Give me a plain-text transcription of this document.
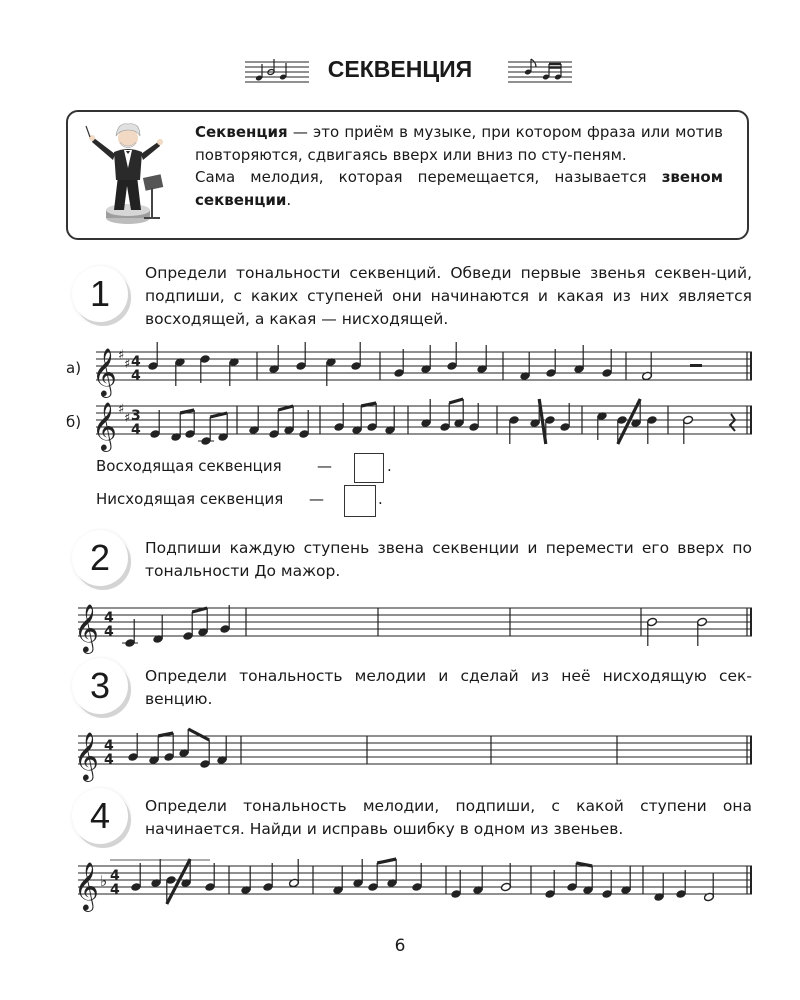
СЕКВЕНЦИЯ

Секвенция — это приём в музыке, при котором фраза или мотив повторяются, сдвигаясь вверх или вниз по сту-пеням.

Сама мелодия, которая перемещается, называется звеном секвенции.

1	Определи тональности секвенций. Обведи первые звенья секвен-ций, подпиши, с каких ступеней они начинаются и какая из них является восходящей, а какая — нисходящей.
а)
б)
𝄞 ♯
♯ 4
4
𝄞 ♯
♯ 3
4
Восходящая секвенция —	.
Нисходящая секвенция —	.
2	Подпиши каждую ступень звена секвенции и перемести его вверх по тональности До мажор.
𝄞 4
4
3	Определи тональность мелодии и сделай из неё нисходящую сек-венцию.
𝄞 4
4
4	Определи тональность мелодии, подпиши, с какой ступени она начинается. Найди и исправь ошибку в одном из звеньев.
𝄞 ♭ 4
4
6
